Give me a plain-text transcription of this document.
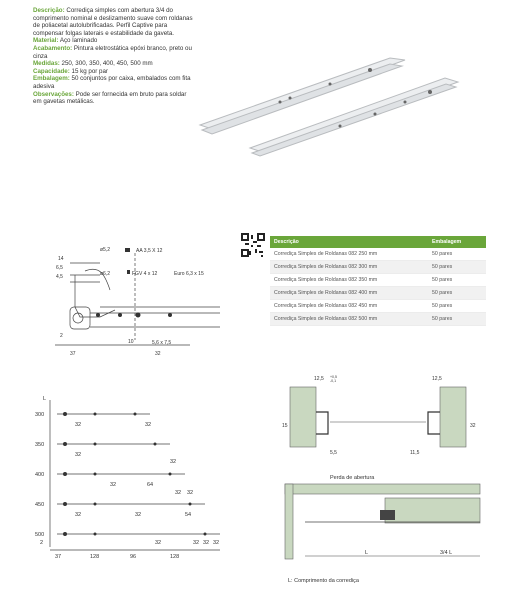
Descrição: Corrediça simples com abertura 3/4 do comprimento nominal e deslizamento suave com roldanas de poliacetal autolubrificadas. Perfil Captive para compensar folgas laterais e estabilidade da gaveta.
Material: Aço laminado
Acabamento: Pintura eletrostática epóxi branco, preto ou cinza
Medidas: 250, 300, 350, 400, 450, 500 mm
Capacidade: 15 kg por par
Embalagem: 50 conjuntos por caixa, embalados com fita adesiva
Observações: Pode ser fornecida em bruto para soldar em gavetas metálicas.

Descrição	Embalagem
Corrediça Simples de Roldanas 082 250 mm	50 pares
Corrediça Simples de Roldanas 082 300 mm	50 pares
Corrediça Simples de Roldanas 082 350 mm	50 pares
Corrediça Simples de Roldanas 082 400 mm	50 pares
Corrediça Simples de Roldanas 082 450 mm	50 pares
Corrediça Simples de Roldanas 082 500 mm	50 pares
14
6,5
4,5
2
37
10
32
5,6 x 7,5
ø5,2	AA 3,5 X 12
ø6,2	FGV 4 x 12	Euro 6,3 x 15
L
300
350
400
450
500
32	32
32
32
32	64
32 32
32	32	54
32 32 32
32
2
37	128	96	128
12,5 +0,5
-0,1	12,5
15	32
5,5	11,5
Perda de abertura
L	3/4 L
L: Comprimento da corrediça
